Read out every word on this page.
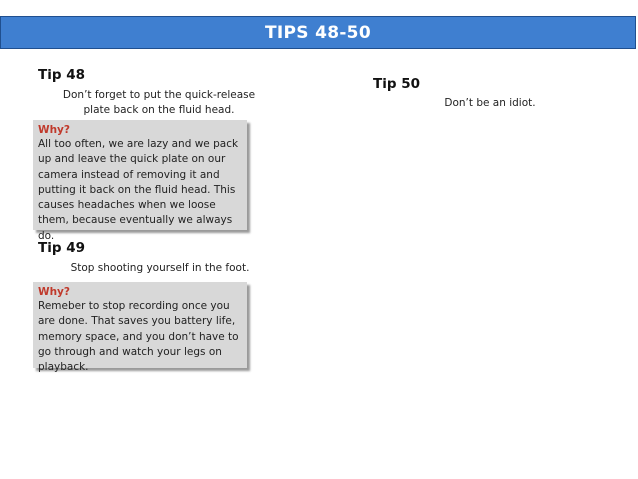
TIPS 48-50
Tip 48
Don’t forget to put the quick-release
plate back on the fluid head.
Why?
All too often, we are lazy and we pack up and leave the quick plate on our camera instead of removing it and putting it back on the fluid head. This causes headaches when we loose them, because eventually we always do.
Tip 49
Stop shooting yourself in the foot.
Why?
Remeber to stop recording once you are done. That saves you battery life, memory space, and you don’t have to go through and watch your legs on playback.
Tip 50
Don’t be an idiot.
